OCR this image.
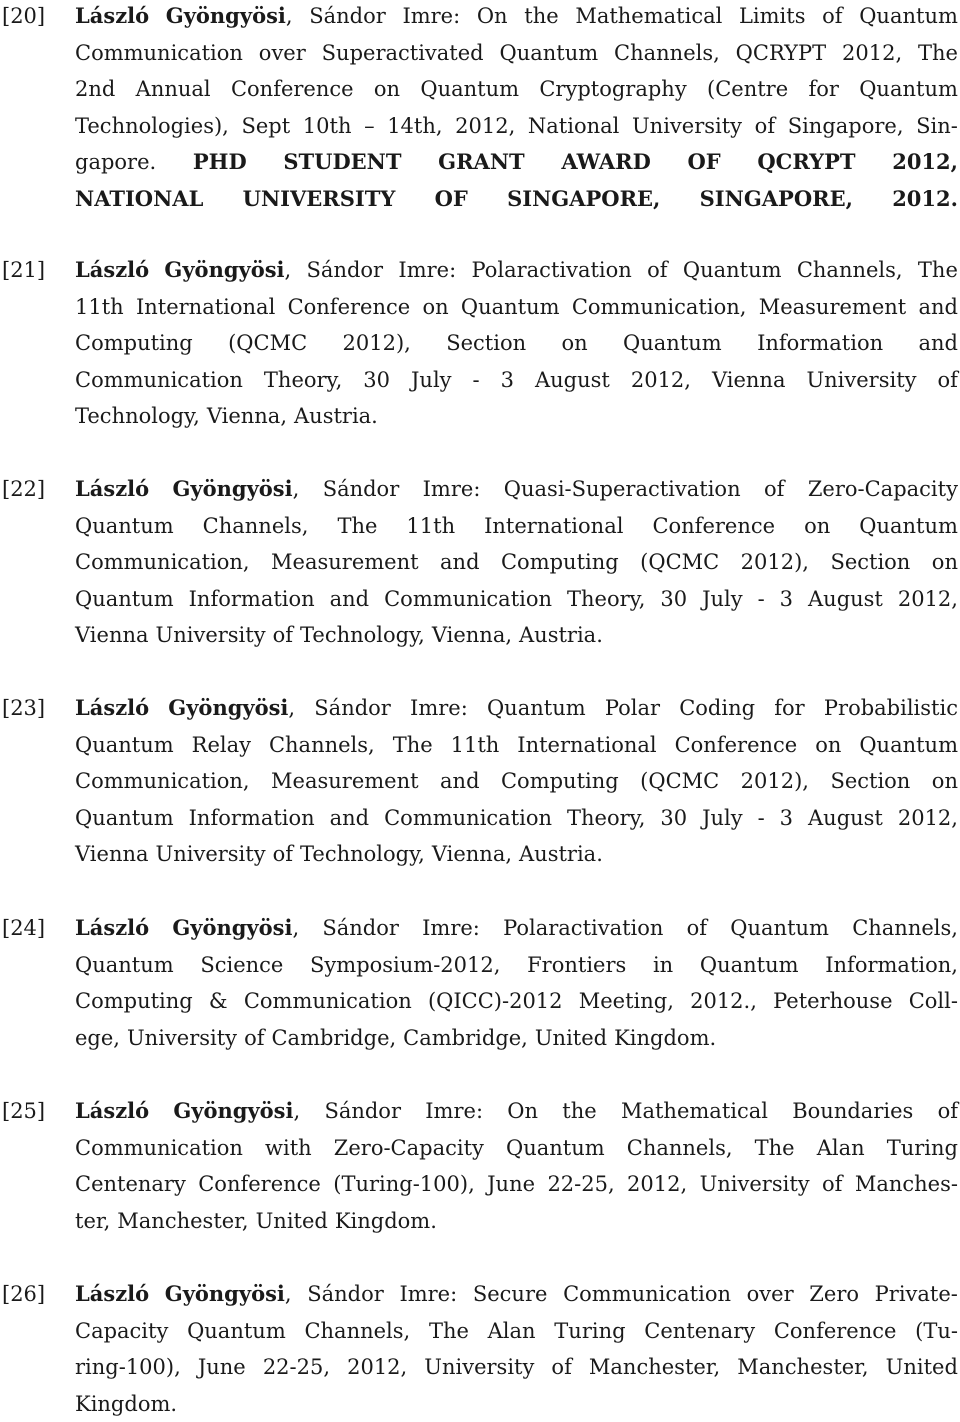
[20] László Gyöngyösi, Sándor Imre: On the Mathematical Limits of Quantum
Communication over Superactivated Quantum Channels, QCRYPT 2012, The
2nd Annual Conference on Quantum Cryptography (Centre for Quantum
Technologies), Sept 10th – 14th, 2012, National University of Singapore, Sin-
gapore. PHD STUDENT GRANT AWARD OF QCRYPT 2012,
NATIONAL UNIVERSITY OF SINGAPORE, SINGAPORE, 2012.
[21] László Gyöngyösi, Sándor Imre: Polaractivation of Quantum Channels, The
11th International Conference on Quantum Communication, Measurement and
Computing (QCMC 2012), Section on Quantum Information and
Communication Theory, 30 July - 3 August 2012, Vienna University of
Technology, Vienna, Austria.
[22] László Gyöngyösi, Sándor Imre: Quasi-Superactivation of Zero-Capacity
Quantum Channels, The 11th International Conference on Quantum
Communication, Measurement and Computing (QCMC 2012), Section on
Quantum Information and Communication Theory, 30 July - 3 August 2012,
Vienna University of Technology, Vienna, Austria.
[23] László Gyöngyösi, Sándor Imre: Quantum Polar Coding for Probabilistic
Quantum Relay Channels, The 11th International Conference on Quantum
Communication, Measurement and Computing (QCMC 2012), Section on
Quantum Information and Communication Theory, 30 July - 3 August 2012,
Vienna University of Technology, Vienna, Austria.
[24] László Gyöngyösi, Sándor Imre: Polaractivation of Quantum Channels,
Quantum Science Symposium-2012, Frontiers in Quantum Information,
Computing & Communication (QICC)-2012 Meeting, 2012., Peterhouse Coll-
ege, University of Cambridge, Cambridge, United Kingdom.
[25] László Gyöngyösi, Sándor Imre: On the Mathematical Boundaries of
Communication with Zero-Capacity Quantum Channels, The Alan Turing
Centenary Conference (Turing-100), June 22-25, 2012, University of Manches-
ter, Manchester, United Kingdom.
[26] László Gyöngyösi, Sándor Imre: Secure Communication over Zero Private-
Capacity Quantum Channels, The Alan Turing Centenary Conference (Tu-
ring-100), June 22-25, 2012, University of Manchester, Manchester, United
Kingdom.
